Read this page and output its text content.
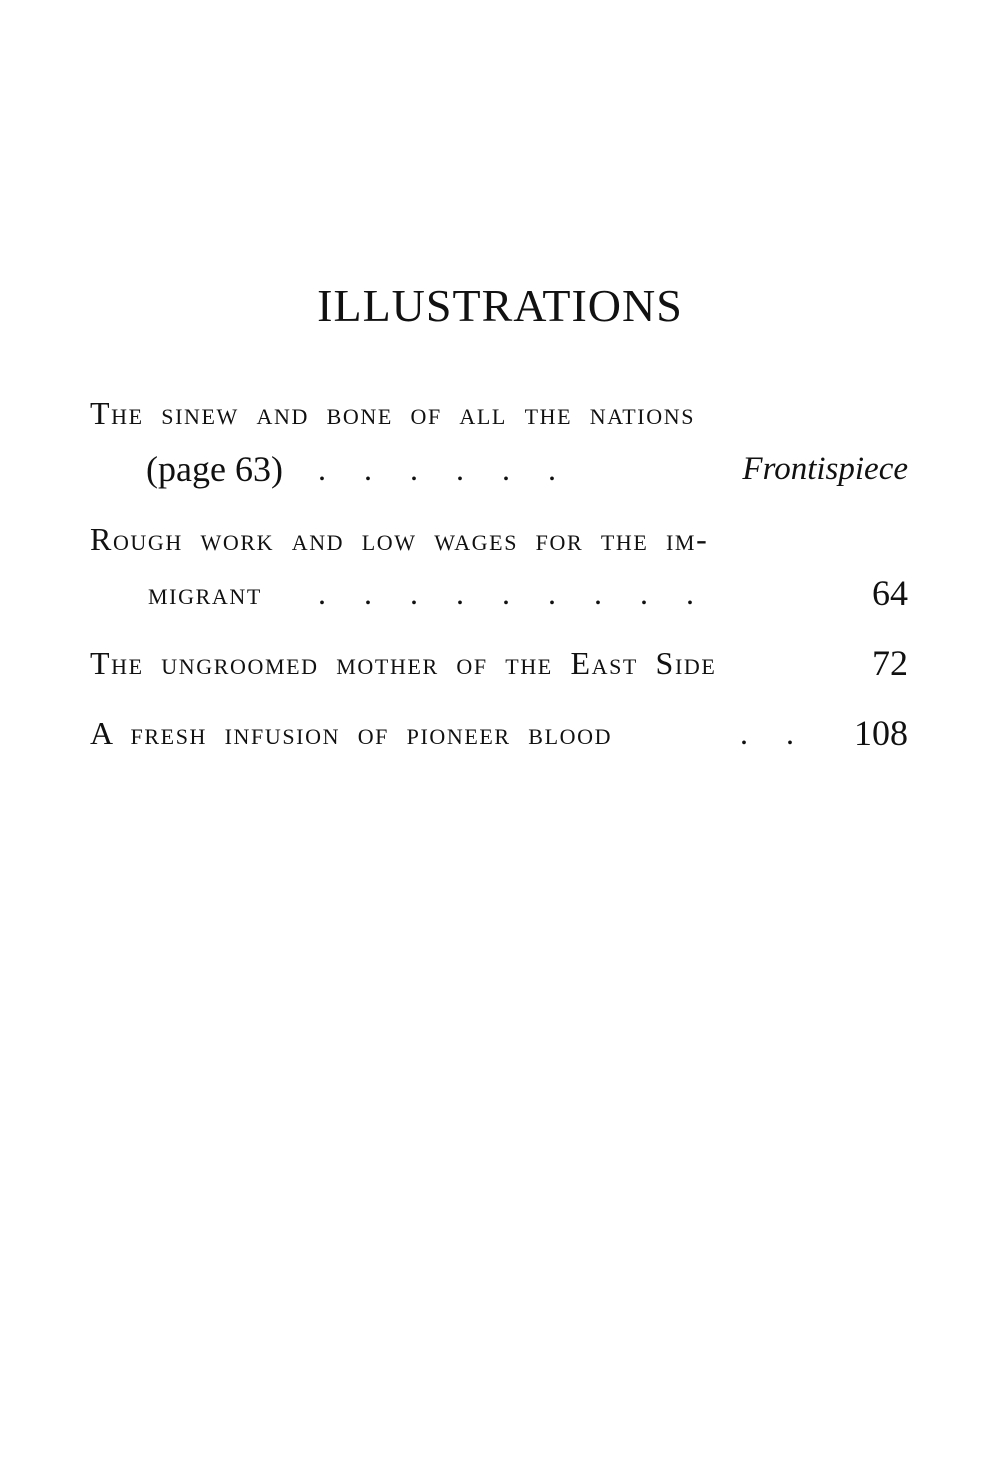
ILLUSTRATIONS
The sinew and bone of all the nations
(page 63) . . . . . .	Frontispiece
Rough work and low wages for the im-
migrant . . . . . . . . .	64
The ungroomed mother of the East Side	72
A fresh infusion of pioneer blood	. .	108
